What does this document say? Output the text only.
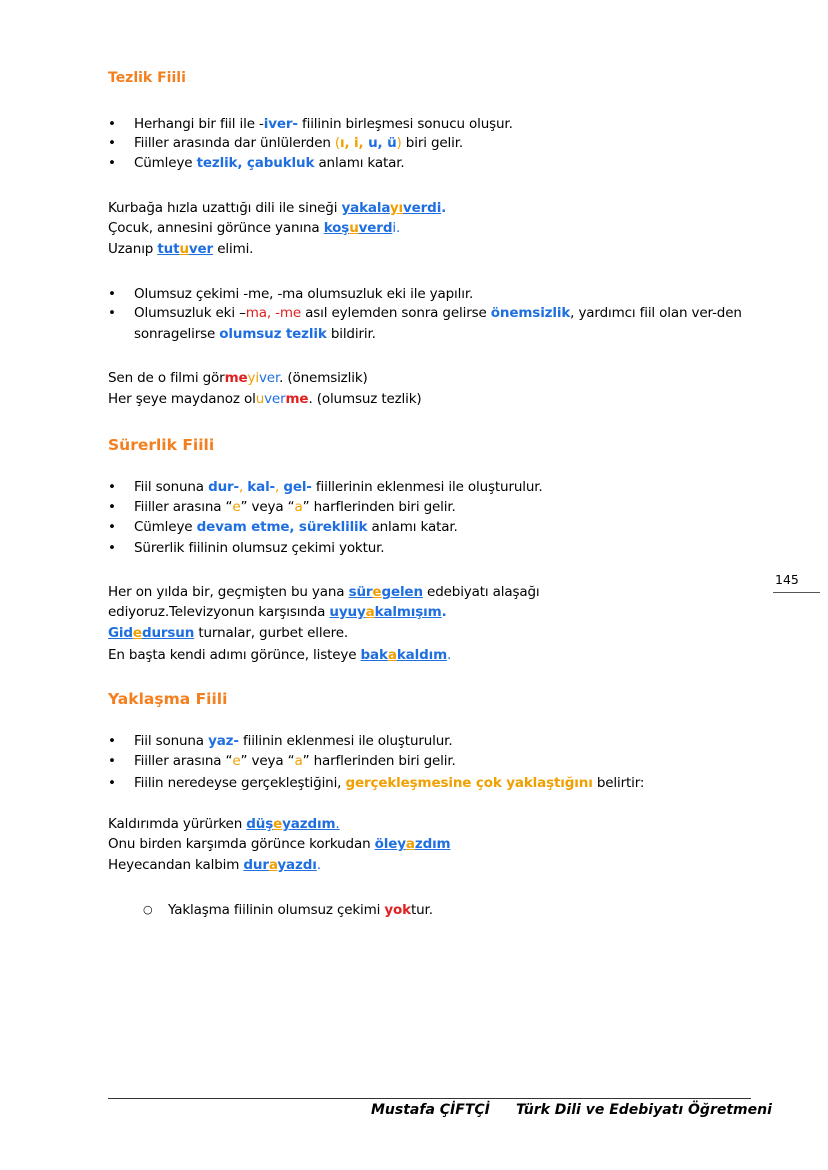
Tezlik Fiili
• Herhangi bir fiil ile -iver- fiilinin birleşmesi sonucu oluşur.
• Fiiller arasında dar ünlülerden (ı, i, u, ü) biri gelir.
• Cümleye tezlik, çabukluk anlamı katar.
Kurbağa hızla uzattığı dili ile sineği yakalayıverdi.
Çocuk, annesini görünce yanına koşuverdi.
Uzanıp tutuver elimi.
• Olumsuz çekimi -me, -ma olumsuzluk eki ile yapılır.
• Olumsuzluk eki –ma, -me asıl eylemden sonra gelirse önemsizlik, yardımcı fiil olan ver-den
sonragelirse olumsuz tezlik bildirir.
Sen de o filmi görmeyiver. (önemsizlik)
Her şeye maydanoz oluverme. (olumsuz tezlik)
Sürerlik Fiili
• Fiil sonuna dur-, kal-, gel- fiillerinin eklenmesi ile oluşturulur.
• Fiiller arasına “e” veya “a” harflerinden biri gelir.
• Cümleye devam etme, süreklilik anlamı katar.
• Sürerlik fiilinin olumsuz çekimi yoktur.
Her on yılda bir, geçmişten bu yana süregelen edebiyatı alaşağı
ediyoruz.Televizyonun karşısında uyuyakalmışım.
Gidedursun turnalar, gurbet ellere.
En başta kendi adımı görünce, listeye bakakaldım.
145
Yaklaşma Fiili
• Fiil sonuna yaz- fiilinin eklenmesi ile oluşturulur.
• Fiiller arasına “e” veya “a” harflerinden biri gelir.
• Fiilin neredeyse gerçekleştiğini, gerçekleşmesine çok yaklaştığını belirtir:
Kaldırımda yürürken düşeyazdım.
Onu birden karşımda görünce korkudan öleyazdım
Heyecandan kalbim durayazdı.
○ Yaklaşma fiilinin olumsuz çekimi yoktur.
Mustafa ÇİFTÇİ Türk Dili ve Edebiyatı Öğretmeni
